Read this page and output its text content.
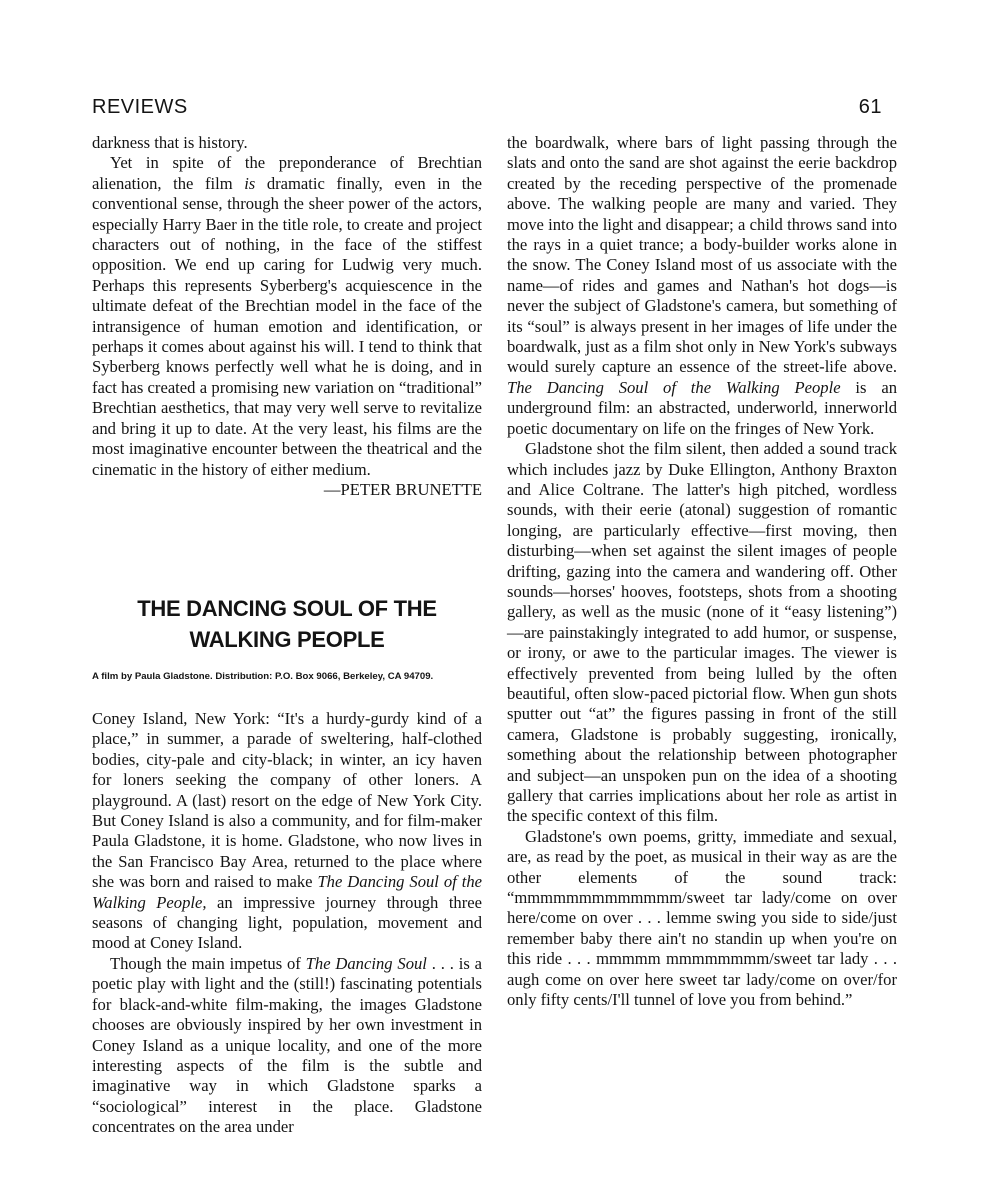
REVIEWS	61

darkness that is history.

Yet in spite of the preponderance of Brechtian alienation, the film is dramatic finally, even in the conventional sense, through the sheer power of the actors, especially Harry Baer in the title role, to create and project characters out of nothing, in the face of the stiffest opposition. We end up caring for Ludwig very much. Perhaps this represents Syberberg's acquiescence in the ultimate defeat of the Brechtian model in the face of the intransigence of human emotion and identification, or perhaps it comes about against his will. I tend to think that Syberberg knows perfectly well what he is doing, and in fact has created a promising new variation on “traditional” Brechtian aesthetics, that may very well serve to revitalize and bring it up to date. At the very least, his films are the most imaginative encounter between the theatrical and the cinematic in the history of either medium.

—PETER BRUNETTE

THE DANCING SOUL OF THE
WALKING PEOPLE
A film by Paula Gladstone. Distribution: P.O. Box 9066, Berkeley, CA 94709.

Coney Island, New York: “It's a hurdy-gurdy kind of a place,” in summer, a parade of sweltering, half-clothed bodies, city-pale and city-black; in winter, an icy haven for loners seeking the company of other loners. A playground. A (last) resort on the edge of New York City. But Coney Island is also a community, and for film-maker Paula Gladstone, it is home. Gladstone, who now lives in the San Francisco Bay Area, returned to the place where she was born and raised to make The Dancing Soul of the Walking People, an impressive journey through three seasons of changing light, population, movement and mood at Coney Island.

Though the main impetus of The Dancing Soul . . . is a poetic play with light and the (still!) fascinating potentials for black-and-white film-making, the images Gladstone chooses are obviously inspired by her own investment in Coney Island as a unique locality, and one of the more interesting aspects of the film is the subtle and imaginative way in which Gladstone sparks a “sociological” interest in the place. Gladstone concentrates on the area under

the boardwalk, where bars of light passing through the slats and onto the sand are shot against the eerie backdrop created by the receding perspective of the promenade above. The walking people are many and varied. They move into the light and disappear; a child throws sand into the rays in a quiet trance; a body-builder works alone in the snow. The Coney Island most of us associate with the name—of rides and games and Nathan's hot dogs—is never the subject of Gladstone's camera, but something of its “soul” is always present in her images of life under the boardwalk, just as a film shot only in New York's subways would surely capture an essence of the street-life above. The Dancing Soul of the Walking People is an underground film: an abstracted, underworld, innerworld poetic documentary on life on the fringes of New York.

Gladstone shot the film silent, then added a sound track which includes jazz by Duke Ellington, Anthony Braxton and Alice Coltrane. The latter's high pitched, wordless sounds, with their eerie (atonal) suggestion of romantic longing, are particularly effective—first moving, then disturbing—when set against the silent images of people drifting, gazing into the camera and wandering off. Other sounds—horses' hooves, footsteps, shots from a shooting gallery, as well as the music (none of it “easy listening”)—are painstakingly integrated to add humor, or suspense, or irony, or awe to the particular images. The viewer is effectively prevented from being lulled by the often beautiful, often slow-paced pictorial flow. When gun shots sputter out “at” the figures passing in front of the still camera, Gladstone is probably suggesting, ironically, something about the relationship between photographer and subject—an unspoken pun on the idea of a shooting gallery that carries implications about her role as artist in the specific context of this film.

Gladstone's own poems, gritty, immediate and sexual, are, as read by the poet, as musical in their way as are the other elements of the sound track: “mmmmmmmmmmmmm/sweet tar lady/come on over here/come on over . . . lemme swing you side to side/just remember baby there ain't no standin up when you're on this ride . . . mmmmm mmmmmmmm/sweet tar lady . . . augh come on over here sweet tar lady/come on over/for only fifty cents/I'll tunnel of love you from behind.”
